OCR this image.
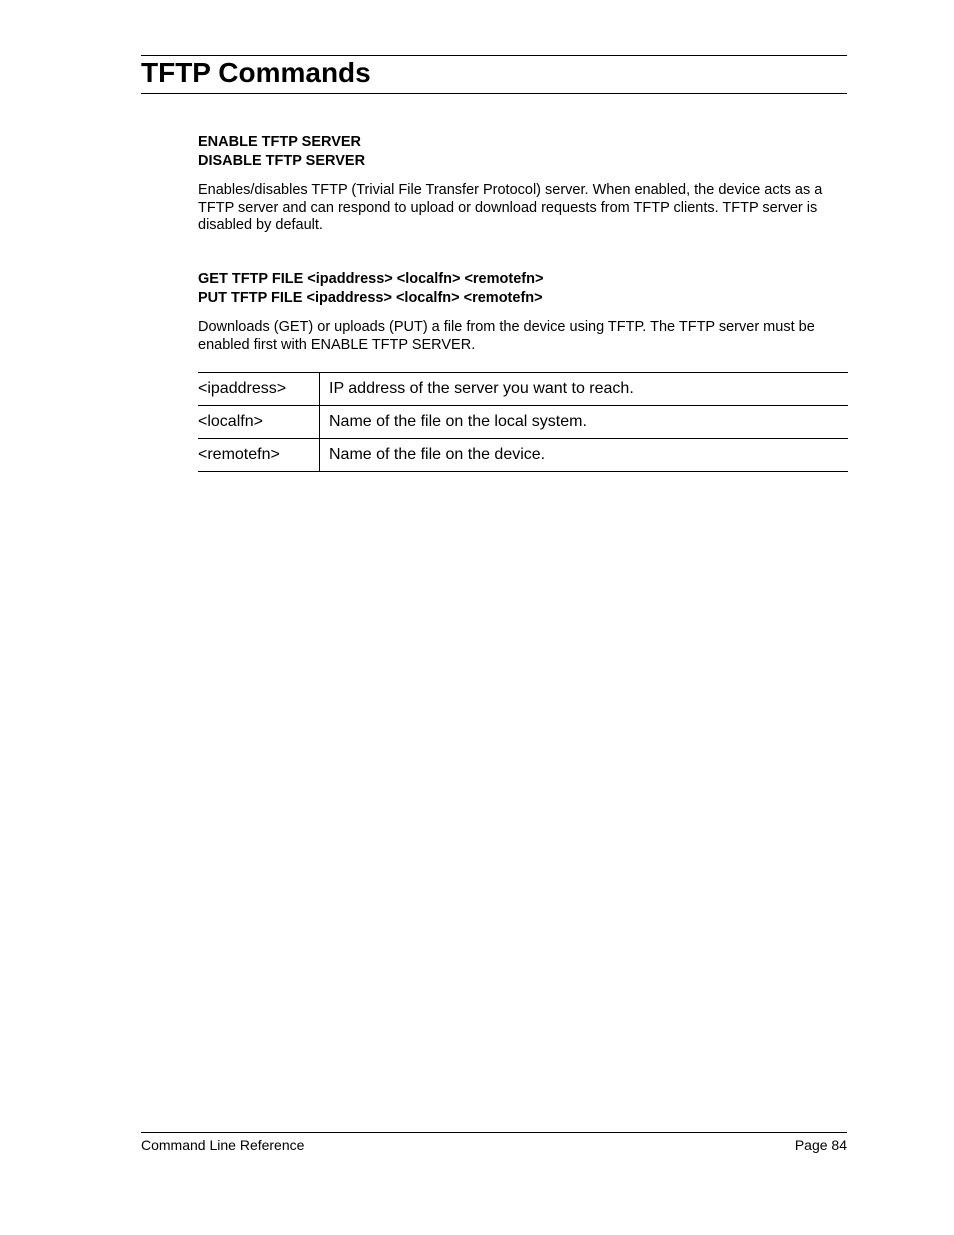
TFTP Commands

ENABLE TFTP SERVER

DISABLE TFTP SERVER

Enables/disables TFTP (Trivial File Transfer Protocol) server. When enabled, the device acts as a TFTP server and can respond to upload or download requests from TFTP clients. TFTP server is disabled by default.

GET TFTP FILE <ipaddress> <localfn> <remotefn>

PUT TFTP FILE <ipaddress> <localfn> <remotefn>

Downloads (GET) or uploads (PUT) a file from the device using TFTP. The TFTP server must be enabled first with ENABLE TFTP SERVER.

<ipaddress>	IP address of the server you want to reach.
<localfn>	Name of the file on the local system.
<remotefn>	Name of the file on the device.
Command Line Reference	Page 84
